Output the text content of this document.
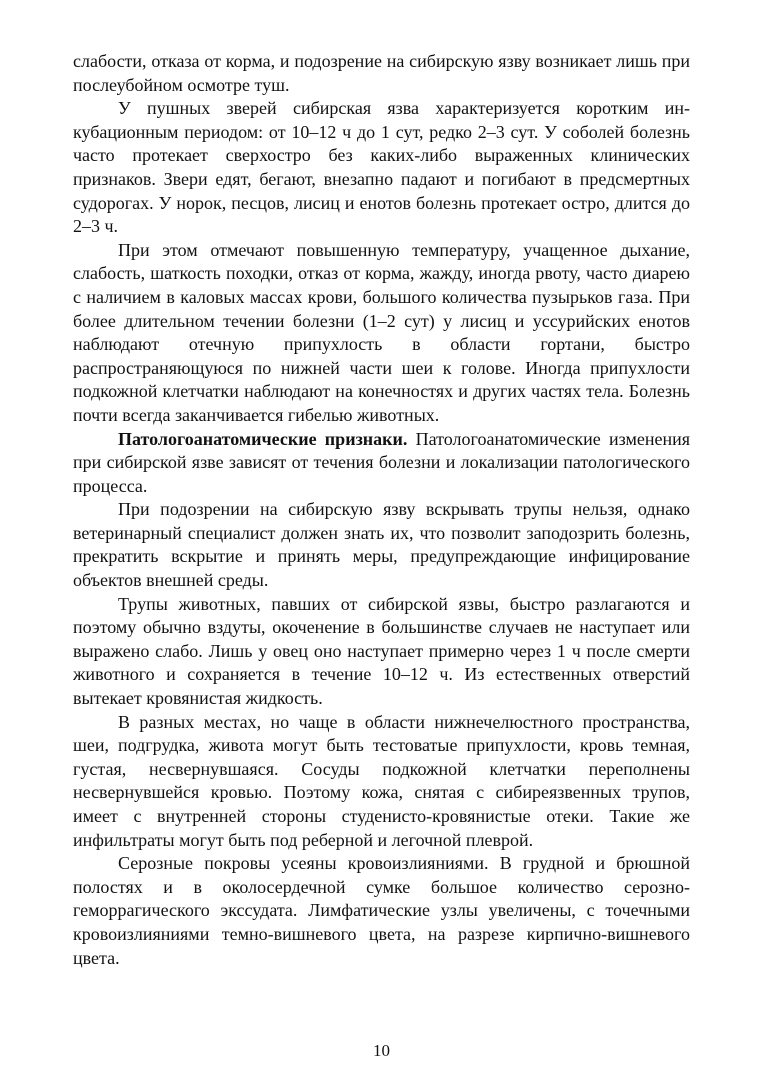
слабости, отказа от корма, и подозрение на сибирскую язву возникает лишь при послеубойном осмотре туш.

У пушных зверей сибирская язва характеризуется коротким инкубационным периодом: от 10–12 ч до 1 сут, редко 2–3 сут. У соболей болезнь часто протекает сверхостро без каких-либо выраженных клинических признаков. Звери едят, бегают, внезапно падают и погибают в предсмертных судорогах. У норок, песцов, лисиц и енотов болезнь протекает остро, длится до 2–3 ч.

При этом отмечают повышенную температуру, учащенное дыхание, слабость, шаткость походки, отказ от корма, жажду, иногда рвоту, часто диарею с наличием в каловых массах крови, большого количества пузырьков газа. При более длительном течении болезни (1–2 сут) у лисиц и уссурийских енотов наблюдают отечную припухлость в области гортани, быстро распространяющуюся по нижней части шеи к голове. Иногда припухлости подкожной клетчатки наблюдают на конечностях и других частях тела. Болезнь почти всегда заканчивается гибелью животных.

Патологоанатомические признаки. Патологоанатомические изменения при сибирской язве зависят от течения болезни и локализации патологического процесса.

При подозрении на сибирскую язву вскрывать трупы нельзя, однако ветеринарный специалист должен знать их, что позволит заподозрить болезнь, прекратить вскрытие и принять меры, предупреждающие инфицирование объектов внешней среды.

Трупы животных, павших от сибирской язвы, быстро разлагаются и поэтому обычно вздуты, окоченение в большинстве случаев не наступает или выражено слабо. Лишь у овец оно наступает примерно через 1 ч после смерти животного и сохраняется в течение 10–12 ч. Из естественных отверстий вытекает кровянистая жидкость.

В разных местах, но чаще в области нижнечелюстного пространства, шеи, подгрудка, живота могут быть тестоватые припухлости, кровь темная, густая, несвернувшаяся. Сосуды подкожной клетчатки переполнены несвернувшейся кровью. Поэтому кожа, снятая с сибиреязвенных трупов, имеет с внутренней стороны студенисто-кровянистые отеки. Такие же инфильтраты могут быть под реберной и легочной плеврой.

Серозные покровы усеяны кровоизлияниями. В грудной и брюшной полостях и в околосердечной сумке большое количество серозно-геморрагического экссудата. Лимфатические узлы увеличены, с точечными кровоизлияниями темно-вишневого цвета, на разрезе кирпично-вишневого цвета.

10
